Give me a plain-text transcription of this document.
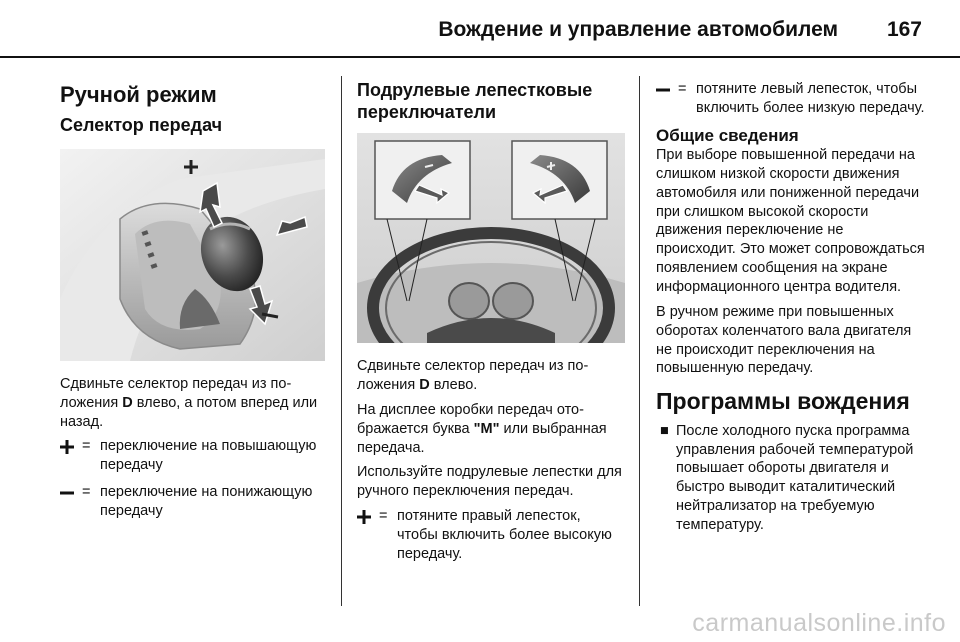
Вождение и управление автомобилем 167
Ручной режим
Селектор передач

Сдвиньте селектор передач из положения D влево, а потом вперед или назад.

= переключение на повышающую передачу
= переключение на понижающую передачу
Подрулевые лепестковые переключатели

Сдвиньте селектор передач из положения D влево.

На дисплее коробки передач отображается буква "M" или выбранная передача.

Используйте подрулевые лепестки для ручного переключения передач.

= потяните правый лепесток, чтобы включить более высокую передачу.
= потяните левый лепесток, чтобы включить более низкую передачу.
Общие сведения

При выборе повышенной передачи на слишком низкой скорости движения автомобиля или пониженной передачи при слишком высокой скорости движения переключение не происходит. Это может сопровождаться появлением сообщения на экране информационного центра водителя.

В ручном режиме при повышенных оборотах коленчатого вала двигателя не происходит переключения на повышенную передачу.

Программы вождения
■ После холодного пуска программа управления рабочей температурой повышает обороты двигателя и быстро выводит каталитический нейтрализатор на требуемую температуру.
carmanualsonline.info
